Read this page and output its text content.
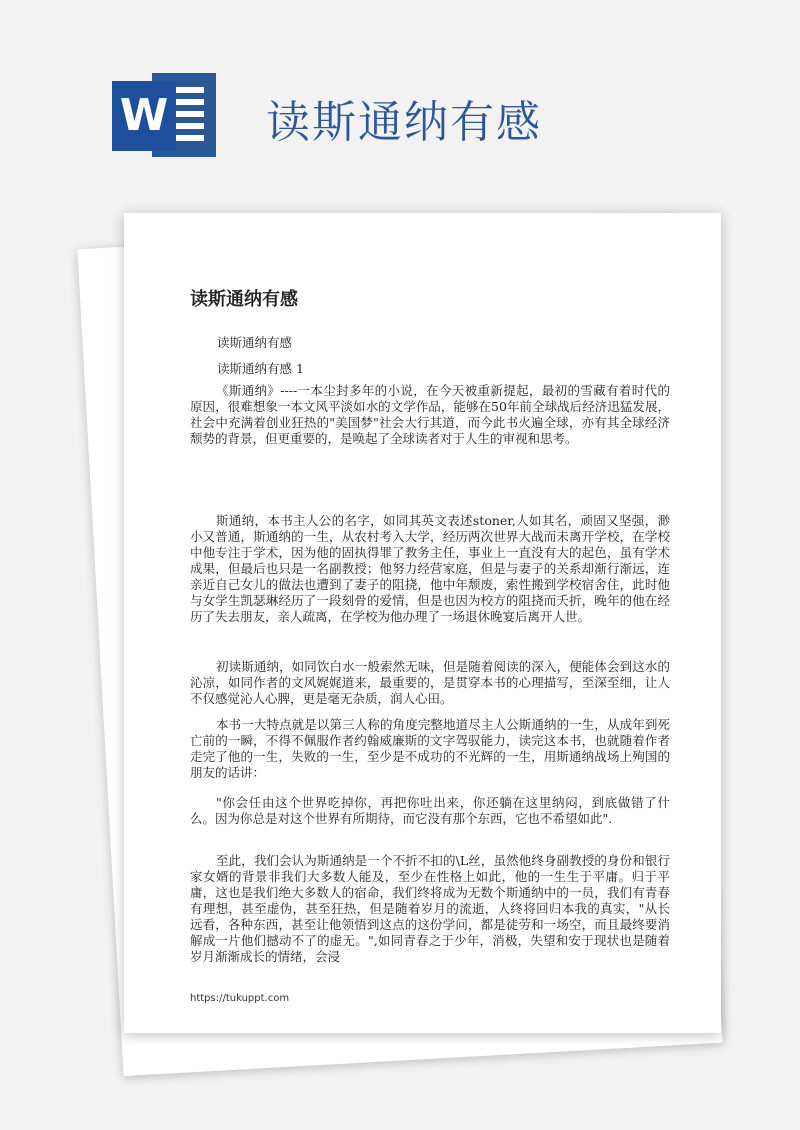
W 读斯通纳有感
读斯通纳有感

读斯通纳有感

读斯通纳有感 1

《斯通纳》----一本尘封多年的小说，在今天被重新提起，最初的雪藏有着时代的原因，很难想象一本文风平淡如水的文学作品，能够在50年前全球战后经济迅猛发展，社会中充满着创业狂热的"美国梦"社会大行其道，而今此书火遍全球，亦有其全球经济颓势的背景，但更重要的，是唤起了全球读者对于人生的审视和思考。

斯通纳，本书主人公的名字，如同其英文表述stoner,人如其名，顽固又坚强，渺小又普通，斯通纳的一生，从农村考入大学，经历两次世界大战而未离开学校，在学校中他专注于学术，因为他的固执得罪了教务主任，事业上一直没有大的起色，虽有学术成果，但最后也只是一名副教授；他努力经营家庭，但是与妻子的关系却渐行渐远，连亲近自己女儿的做法也遭到了妻子的阻挠，他中年颓废，索性搬到学校宿舍住，此时他与女学生凯瑟琳经历了一段刻骨的爱情，但是也因为校方的阻挠而夭折，晚年的他在经历了失去朋友，亲人疏离，在学校为他办理了一场退休晚宴后离开人世。

初读斯通纳，如同饮白水一般索然无味，但是随着阅读的深入，便能体会到这水的沁凉，如同作者的文风娓娓道来，最重要的，是贯穿本书的心理描写，至深至细，让人不仅感觉沁人心脾，更是毫无杂质，润人心田。

本书一大特点就是以第三人称的角度完整地道尽主人公斯通纳的一生，从成年到死亡前的一瞬，不得不佩服作者约翰威廉斯的文字驾驭能力，读完这本书，也就随着作者走完了他的一生，失败的一生，至少是不成功的不光辉的一生，用斯通纳战场上殉国的朋友的话讲：

"你会任由这个世界吃掉你，再把你吐出来，你还躺在这里纳闷，到底做错了什么。因为你总是对这个世界有所期待，而它没有那个东西，它也不希望如此".

至此，我们会认为斯通纳是一个不折不扣的\L丝，虽然他终身副教授的身份和银行家女婿的背景非我们大多数人能及，至少在性格上如此，他的一生生于平庸。归于平庸，这也是我们绝大多数人的宿命，我们终将成为无数个斯通纳中的一员，我们有青春有理想，甚至虚伪，甚至狂热，但是随着岁月的流逝，人终将回归本我的真实，"从长远看，各种东西，甚至让他领悟到这点的这份学问，都是徒劳和一场空，而且最终要消解成一片他们撼动不了的虚无。",如同青春之于少年，消极，失望和安于现状也是随着岁月渐渐成长的情绪，会浸

https://tukuppt.com
